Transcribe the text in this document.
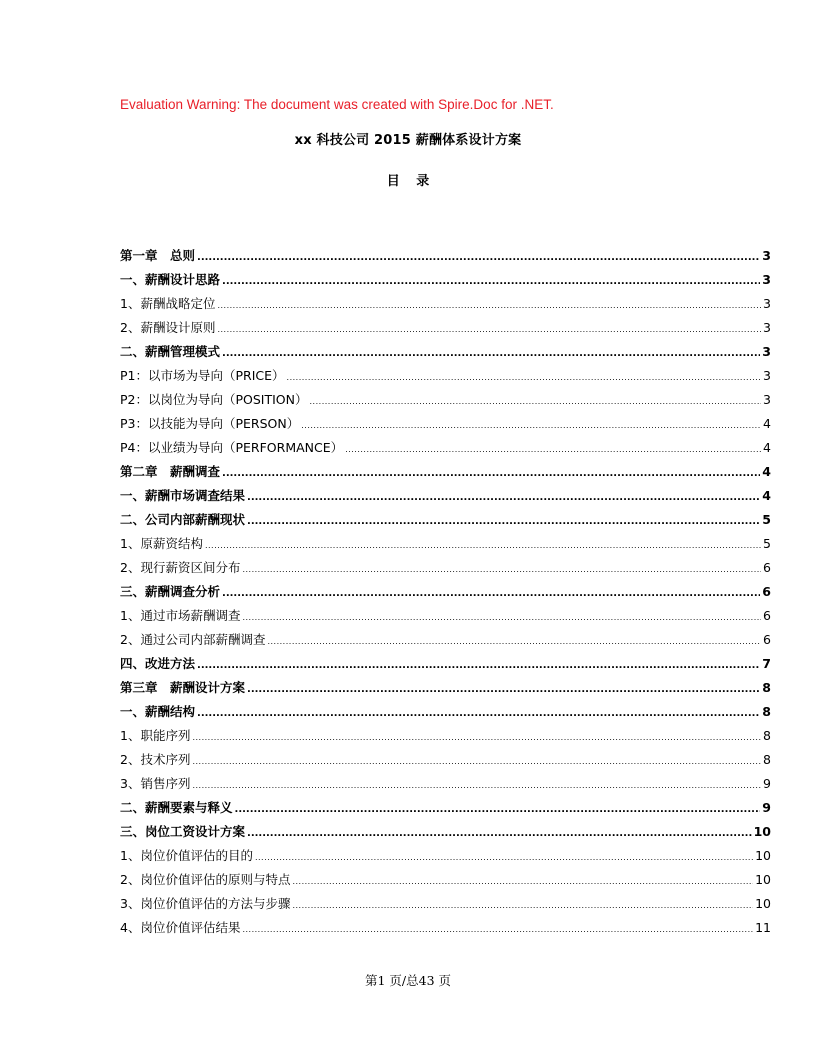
Evaluation Warning: The document was created with Spire.Doc for .NET.
xx 科技公司 2015 薪酬体系设计方案
目 录
第一章　总则 .....	3
一、薪酬设计思路 .....	3
1、薪酬战略定位 .....	3
2、薪酬设计原则 .....	3
二、薪酬管理模式 .....	3
P1：以市场为导向（PRICE） .....	3
P2：以岗位为导向（POSITION） .....	3
P3：以技能为导向（PERSON） .....	4
P4：以业绩为导向（PERFORMANCE） .....	4
第二章　薪酬调查 .....	4
一、薪酬市场调查结果 .....	4
二、公司内部薪酬现状 .....	5
1、原薪资结构 .....	5
2、现行薪资区间分布 .....	6
三、薪酬调查分析 .....	6
1、通过市场薪酬调查 .....	6
2、通过公司内部薪酬调查 .....	6
四、改进方法 .....	7
第三章　薪酬设计方案 .....	8
一、薪酬结构 .....	8
1、职能序列 .....	8
2、技术序列 .....	8
3、销售序列 .....	9
二、薪酬要素与释义 .....	9
三、岗位工资设计方案 .....	10
1、岗位价值评估的目的 .....	10
2、岗位价值评估的原则与特点 .....	10
3、岗位价值评估的方法与步骤 .....	10
4、岗位价值评估结果 .....	11
第1 页/总43 页
